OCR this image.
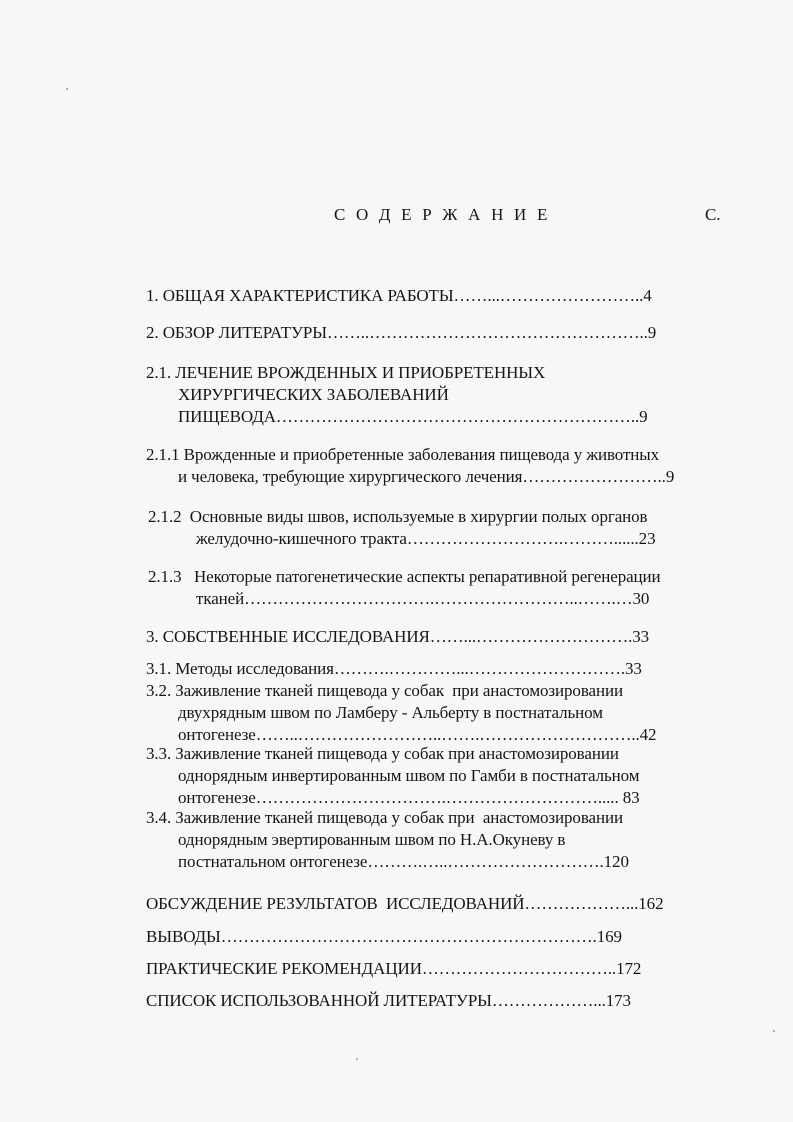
С О Д Е Р Ж А Н И Е	С.
1. ОБЩАЯ ХАРАКТЕРИСТИКА РАБОТЫ……...……………………..4
2. ОБЗОР ЛИТЕРАТУРЫ……..…………………………………………..9
2.1. ЛЕЧЕНИЕ ВРОЖДЕННЫХ И ПРИОБРЕТЕННЫХ
ХИРУРГИЧЕСКИХ ЗАБОЛЕВАНИЙ
ПИЩЕВОДА………………………………………………………..9
2.1.1 Врожденные и приобретенные заболевания пищевода у животных
и человека, требующие хирургического лечения……………………..9
2.1.2  Основные виды швов, используемые в хирургии полых органов
желудочно-кишечного тракта……………………….………......23
2.1.3   Некоторые патогенетические аспекты репаративной регенерации
тканей…………………………….……………………..…….…30
3. СОБСТВЕННЫЕ ИССЛЕДОВАНИЯ……...……………………….33
3.1. Методы исследования……….…………...……………………….33
3.2. Заживление тканей пищевода у собак  при анастомозировании
двухрядным швом по Ламберу - Альберту в постнатальном
онтогенезе……..……………………..…….………………………..42
3.3. Заживление тканей пищевода у собак при анастомозировании
однорядным инвертированным швом по Гамби в постнатальном
онтогенезе…………………………….………………………..... 83
3.4. Заживление тканей пищевода у собак при  анастомозировании
однорядным эвертированным швом по Н.А.Окуневу в
постнатальном онтогенезе……….…..……………………….120
ОБСУЖДЕНИЕ РЕЗУЛЬТАТОВ  ИССЛЕДОВАНИЙ………………...162
ВЫВОДЫ………………………………………………………….169
ПРАКТИЧЕСКИЕ РЕКОМЕНДАЦИИ……………………………..172
СПИСОК ИСПОЛЬЗОВАННОЙ ЛИТЕРАТУРЫ………………...173
